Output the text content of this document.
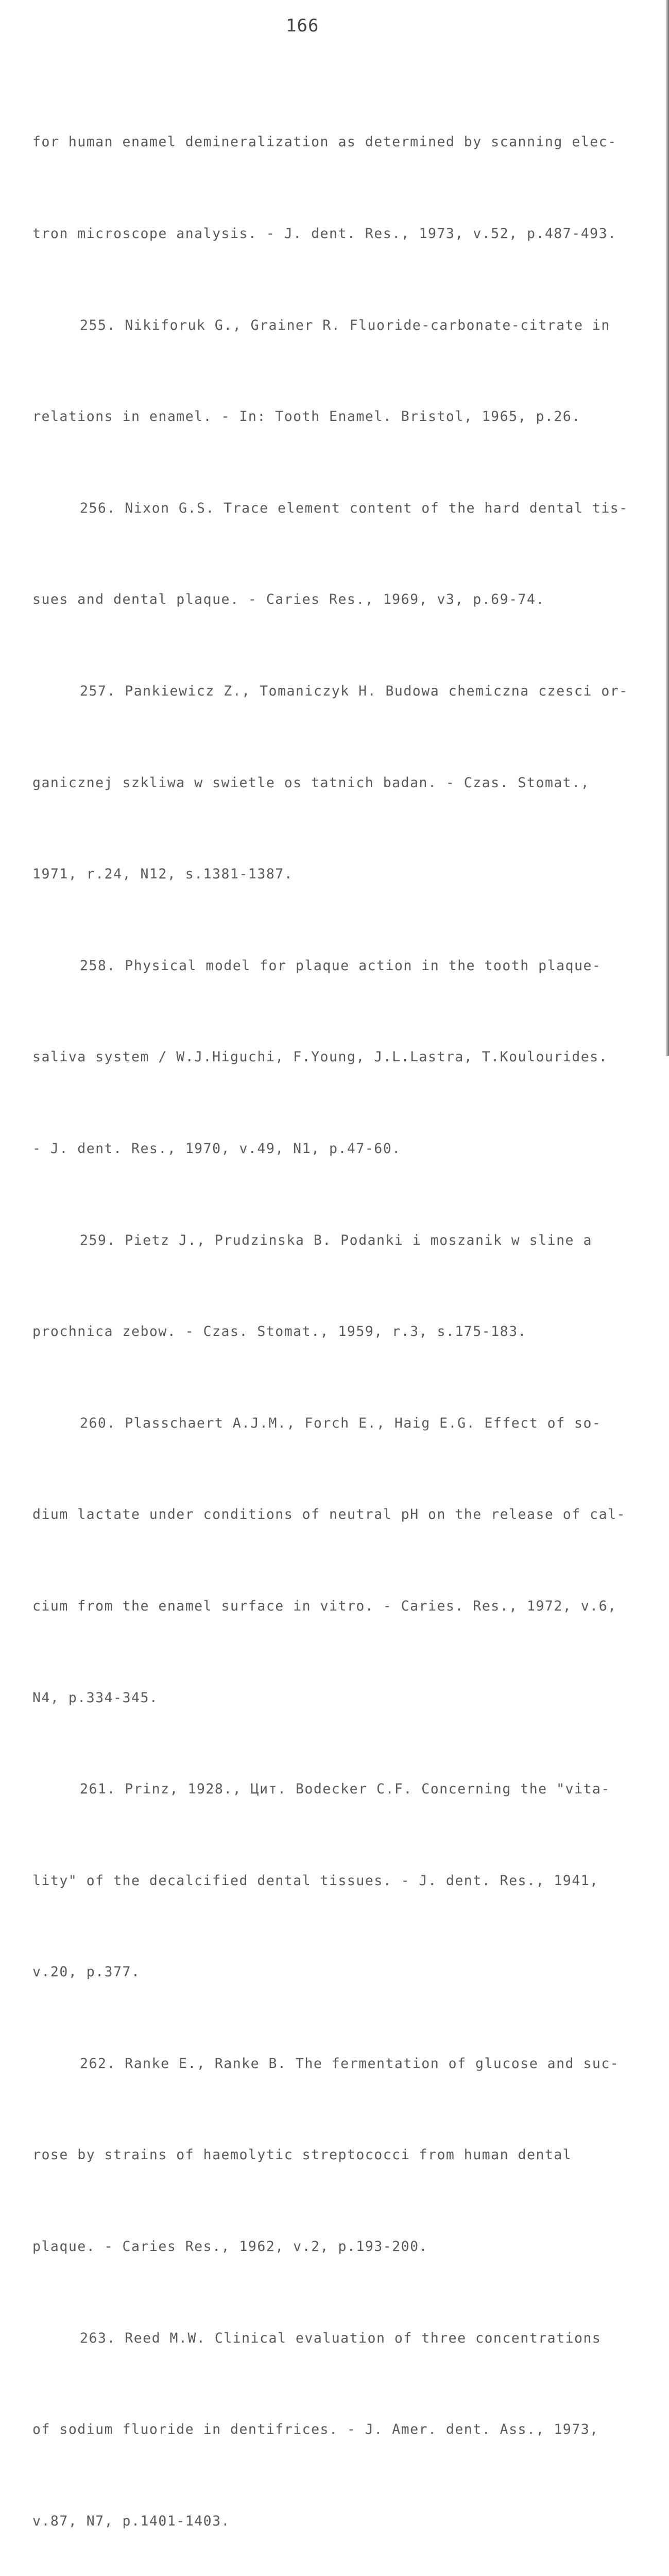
166

for human enamel demineralization as determined by scanning elec-

tron microscope analysis. - J. dent. Res., 1973, v.52, p.487-493.

255. Nikiforuk G., Grainer R. Fluoride-carbonate-citrate in

relations in enamel. - In: Tooth Enamel. Bristol, 1965, p.26.

256. Nixon G.S. Trace element content of the hard dental tis-

sues and dental plaque. - Caries Res., 1969, v3, p.69-74.

257. Pankiewicz Z., Tomaniczyk H. Budowa chemiczna czesci or-

ganicznej szkliwa w swietle os tatnich badan. - Czas. Stomat.,

1971, r.24, N12, s.1381-1387.

258. Physical model for plaque action in the tooth plaque-

saliva system / W.J.Higuchi, F.Young, J.L.Lastra, T.Koulourides.

- J. dent. Res., 1970, v.49, N1, p.47-60.

259. Pietz J., Prudzinska B. Podanki i moszanik w sline a

prochnica zebow. - Czas. Stomat., 1959, r.3, s.175-183.

260. Plasschaert A.J.M., Forch E., Haig E.G. Effect of so-

dium lactate under conditions of neutral pH on the release of cal-

cium from the enamel surface in vitro. - Caries. Res., 1972, v.6,

N4, p.334-345.

261. Prinz, 1928., Цит. Bodecker C.F. Concerning the "vita-

lity" of the decalcified dental tissues. - J. dent. Res., 1941,

v.20, p.377.

262. Ranke E., Ranke B. The fermentation of glucose and suc-

rose by strains of haemolytic streptococci from human dental

plaque. - Caries Res., 1962, v.2, p.193-200.

263. Reed M.W. Clinical evaluation of three concentrations

of sodium fluoride in dentifrices. - J. Amer. dent. Ass., 1973,

v.87, N7, p.1401-1403.
